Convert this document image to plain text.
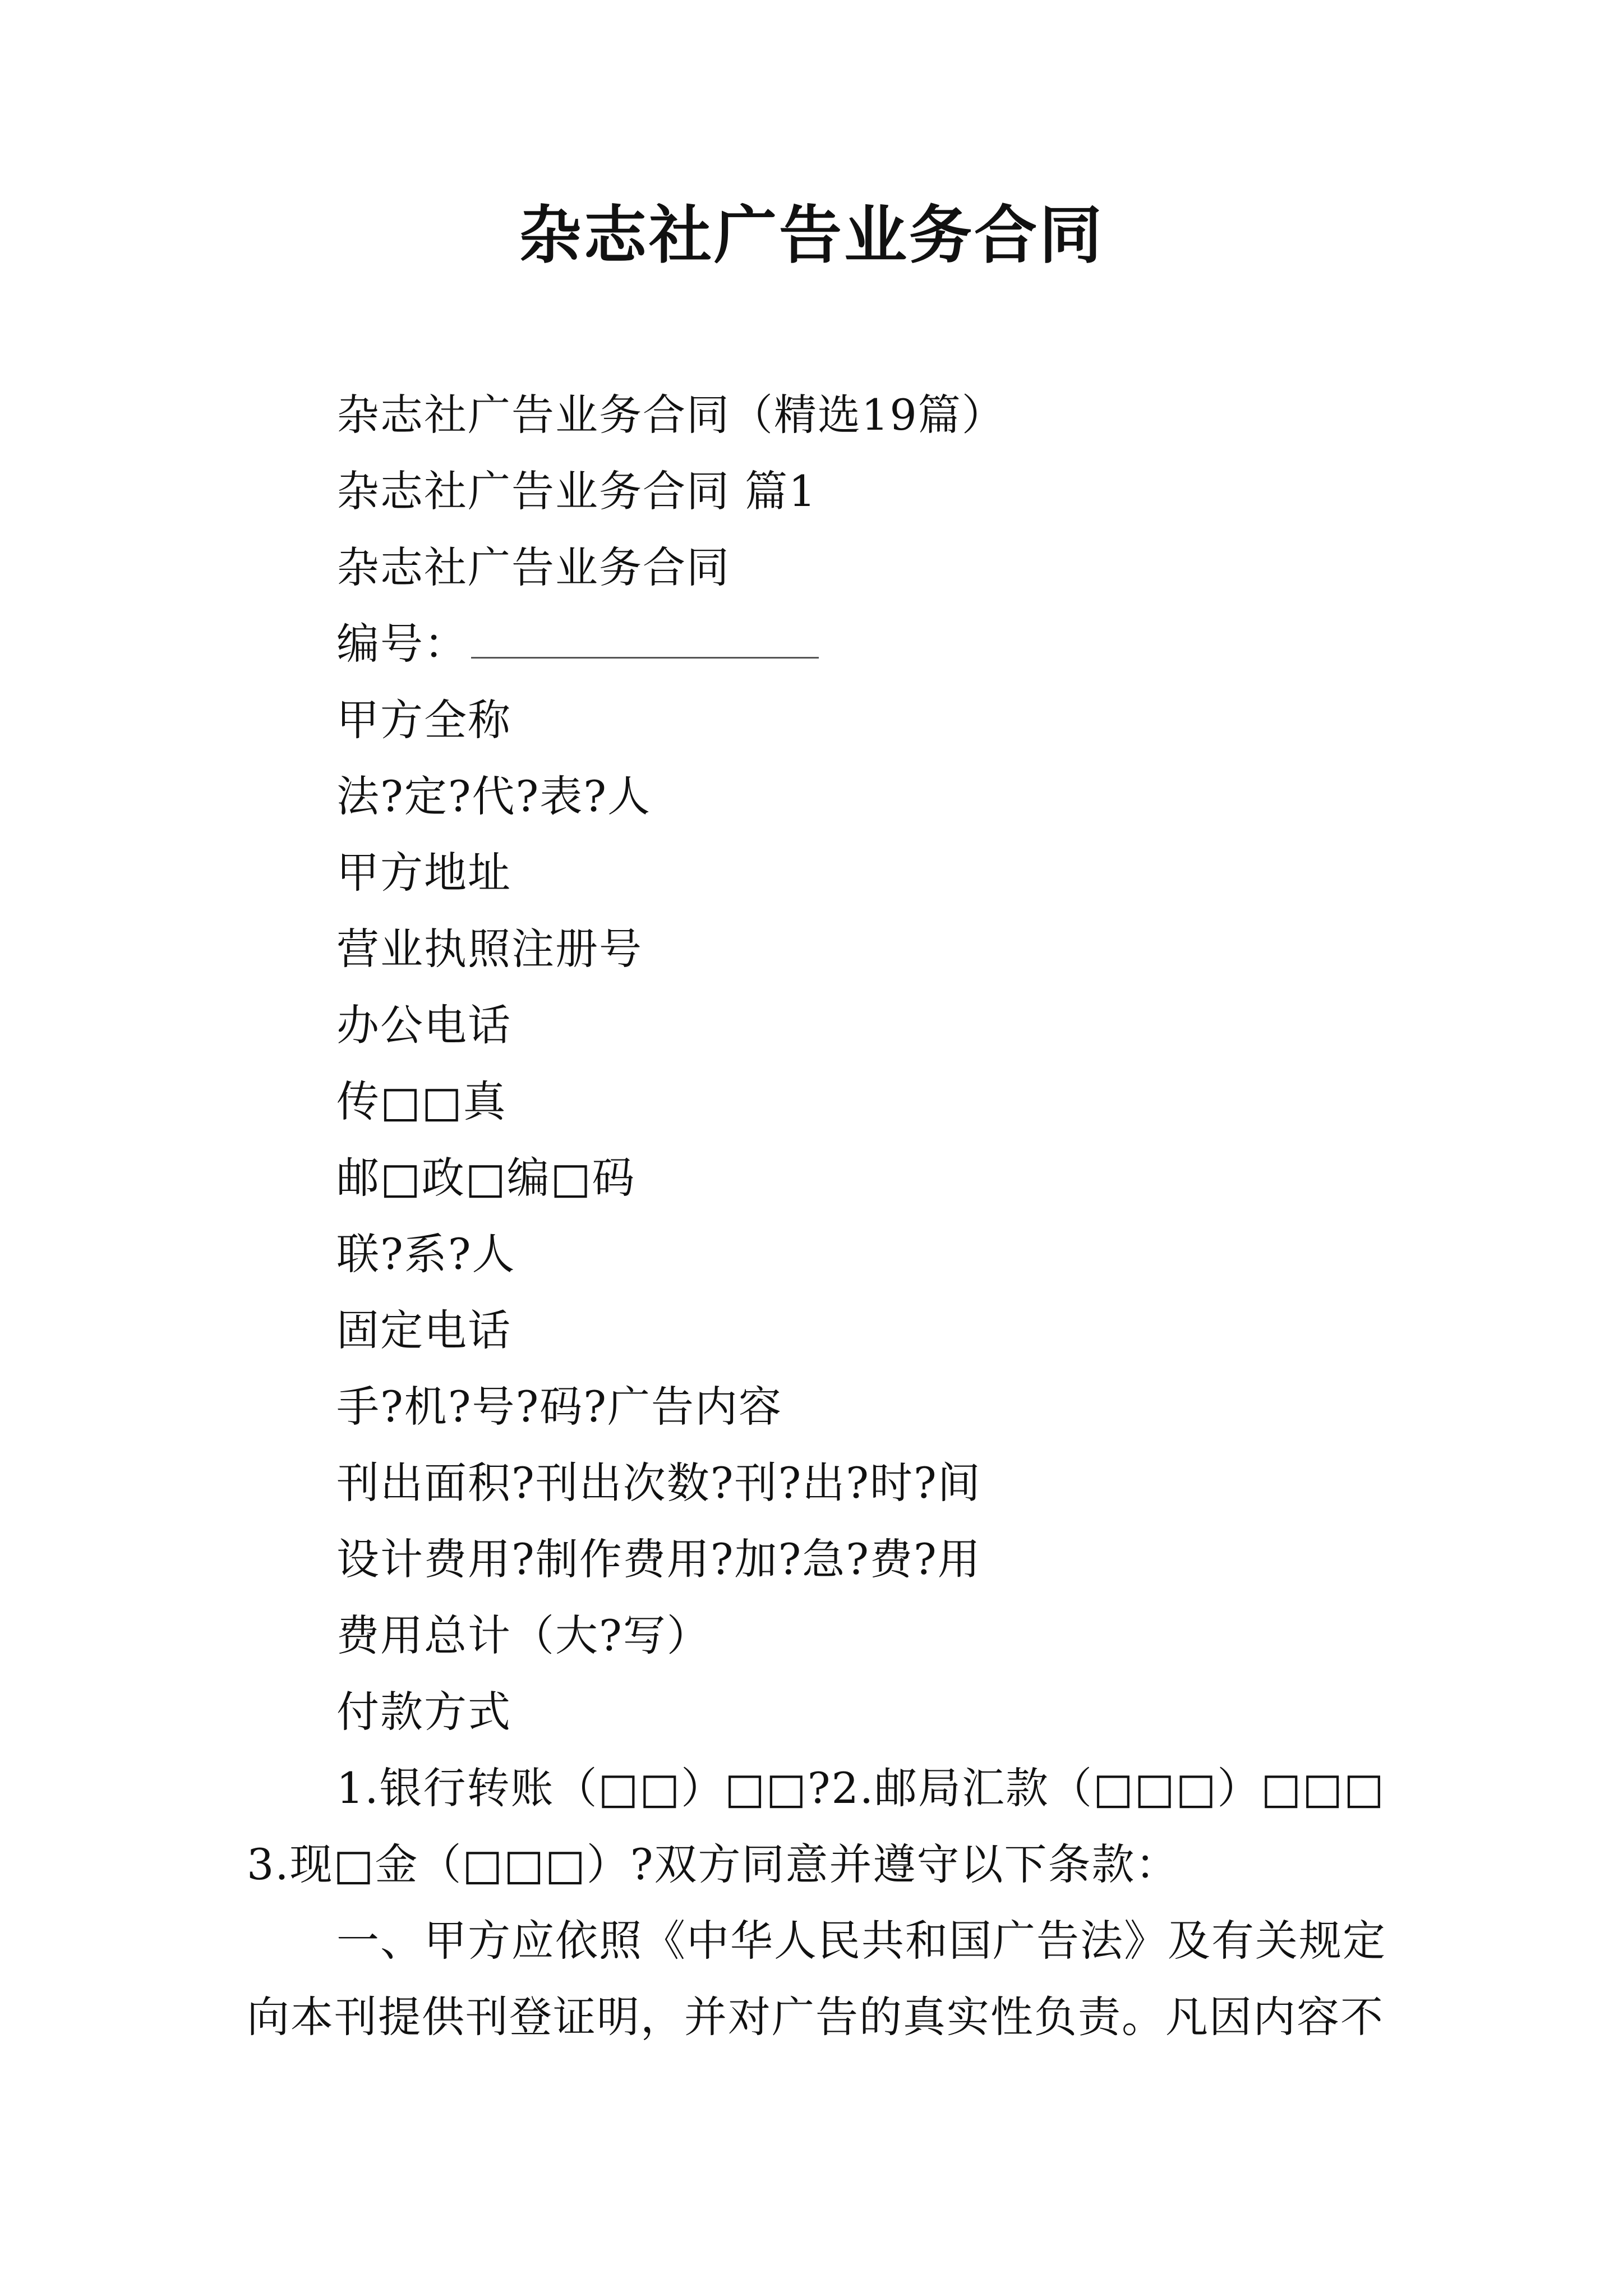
杂志社广告业务合同
杂志社广告业务合同（精选19篇）
杂志社广告业务合同 篇1
杂志社广告业务合同
编号：
甲方全称
法?定?代?表?人
甲方地址
营业执照注册号
办公电话
传□□真
邮□政□编□码
联?系?人
固定电话
手?机?号?码?广告内容
刊出面积?刊出次数?刊?出?时?间
设计费用?制作费用?加?急?费?用
费用总计（大?写）
付款方式
1.银行转账（□□）□□?2.邮局汇款（□□□）□□□
3.现□金（□□□）?双方同意并遵守以下条款：
一、甲方应依照《中华人民共和国广告法》及有关规定
向本刊提供刊登证明，并对广告的真实性负责。凡因内容不
